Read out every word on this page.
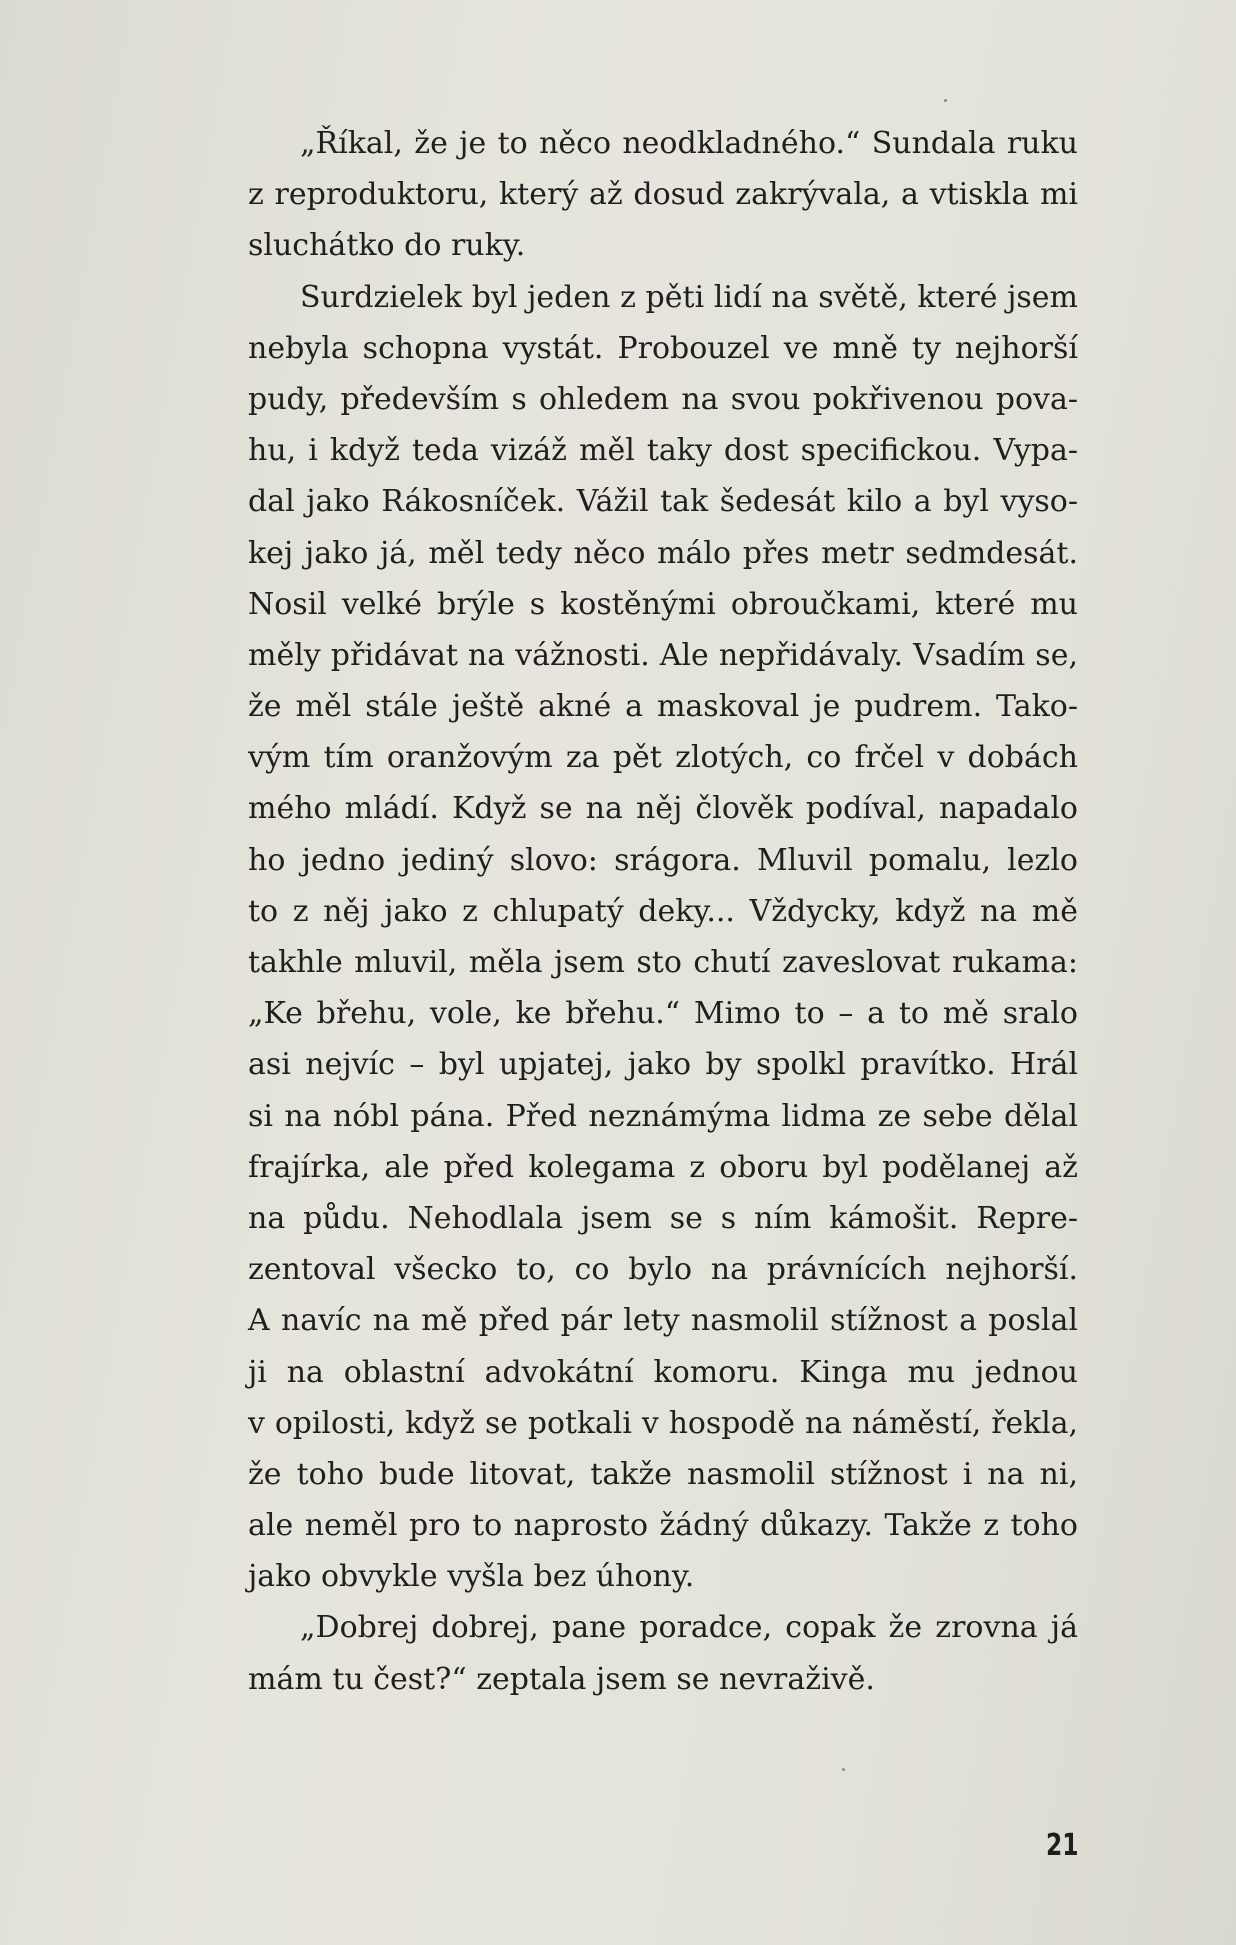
„Říkal, že je to něco neodkladného.“ Sundala ruku
z reproduktoru, který až dosud zakrývala, a vtiskla mi
sluchátko do ruky.
Surdzielek byl jeden z pěti lidí na světě, které jsem
nebyla schopna vystát. Probouzel ve mně ty nejhorší
pudy, především s ohledem na svou pokřivenou pova-
hu, i když teda vizáž měl taky dost specifickou. Vypa-
dal jako Rákosníček. Vážil tak šedesát kilo a byl vyso-
kej jako já, měl tedy něco málo přes metr sedmdesát.
Nosil velké brýle s kostěnými obroučkami, které mu
měly přidávat na vážnosti. Ale nepřidávaly. Vsadím se,
že měl stále ještě akné a maskoval je pudrem. Tako-
vým tím oranžovým za pět zlotých, co frčel v dobách
mého mládí. Když se na něj člověk podíval, napadalo
ho jedno jediný slovo: srágora. Mluvil pomalu, lezlo
to z něj jako z chlupatý deky... Vždycky, když na mě
takhle mluvil, měla jsem sto chutí zaveslovat rukama:
„Ke břehu, vole, ke břehu.“ Mimo to – a to mě sralo
asi nejvíc – byl upjatej, jako by spolkl pravítko. Hrál
si na nóbl pána. Před neznámýma lidma ze sebe dělal
frajírka, ale před kolegama z oboru byl podělanej až
na půdu. Nehodlala jsem se s ním kámošit. Repre-
zentoval všecko to, co bylo na právnících nejhorší.
A navíc na mě před pár lety nasmolil stížnost a poslal
ji na oblastní advokátní komoru. Kinga mu jednou
v opilosti, když se potkali v hospodě na náměstí, řekla,
že toho bude litovat, takže nasmolil stížnost i na ni,
ale neměl pro to naprosto žádný důkazy. Takže z toho
jako obvykle vyšla bez úhony.
„Dobrej dobrej, pane poradce, copak že zrovna já
mám tu čest?“ zeptala jsem se nevraživě.
21
